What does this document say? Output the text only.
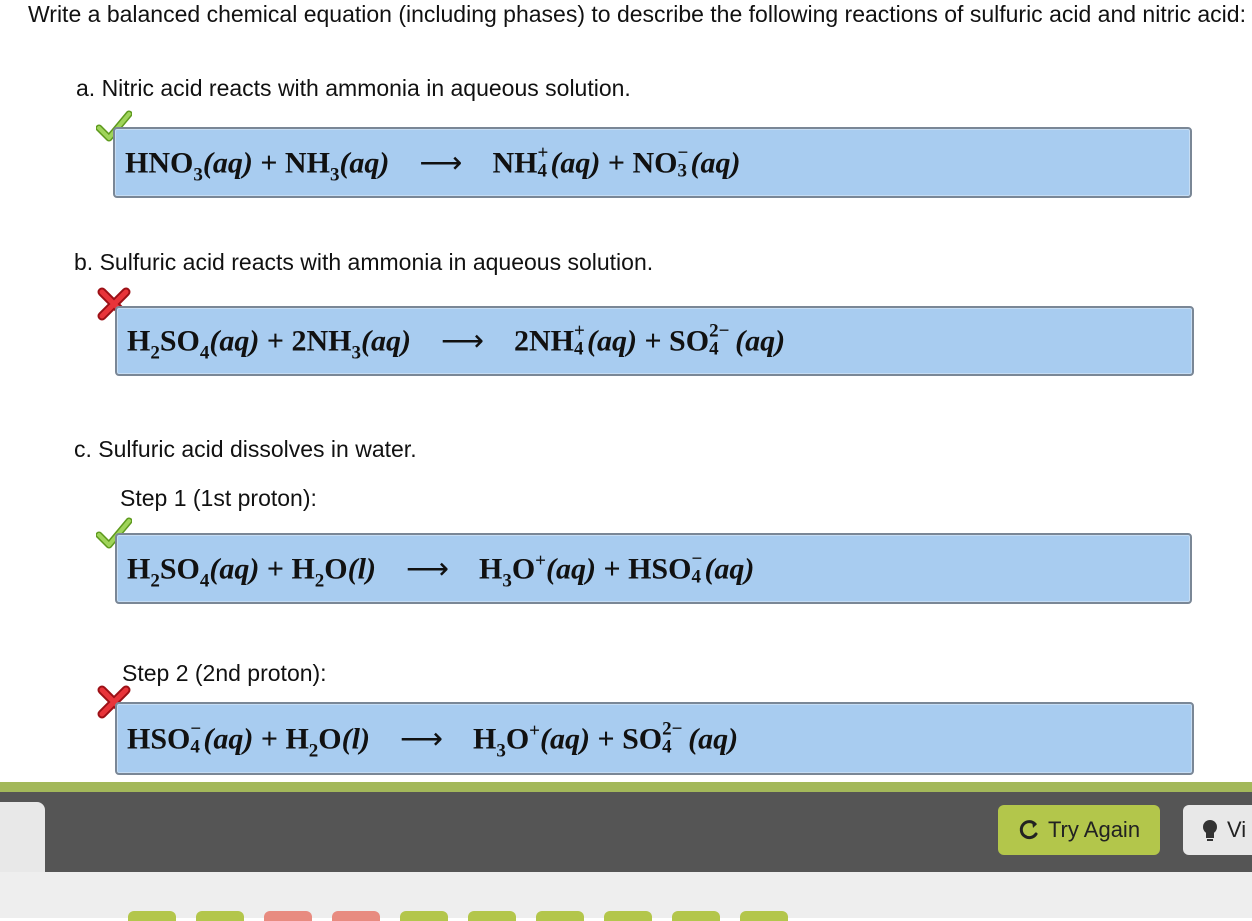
Write a balanced chemical equation (including phases) to describe the following reactions of sulfuric acid and nitric acid:
a. Nitric acid reacts with ammonia in aqueous solution.
$HNO_3(aq) + NH_3(aq)$ ⟶ NH +
4 (aq) + NO −
3 (aq)
b. Sulfuric acid reacts with ammonia in aqueous solution.
$H_2SO_4(aq) + 2NH_3(aq)$ ⟶ 2NH +
4 (aq) + SO 2−
4 (aq)
c. Sulfuric acid dissolves in water.
Step 1 (1st proton):
$H_2SO_4(aq) + H_2O(l)$ ⟶ $H_3O^+(aq)$ + HSO −
4 (aq)
Step 2 (2nd proton):
HSO −
4 $(aq) + H_2O(l)$ ⟶ $H_3O^+(aq)$ + SO 2−
4 (aq)
Try Again	Vi
